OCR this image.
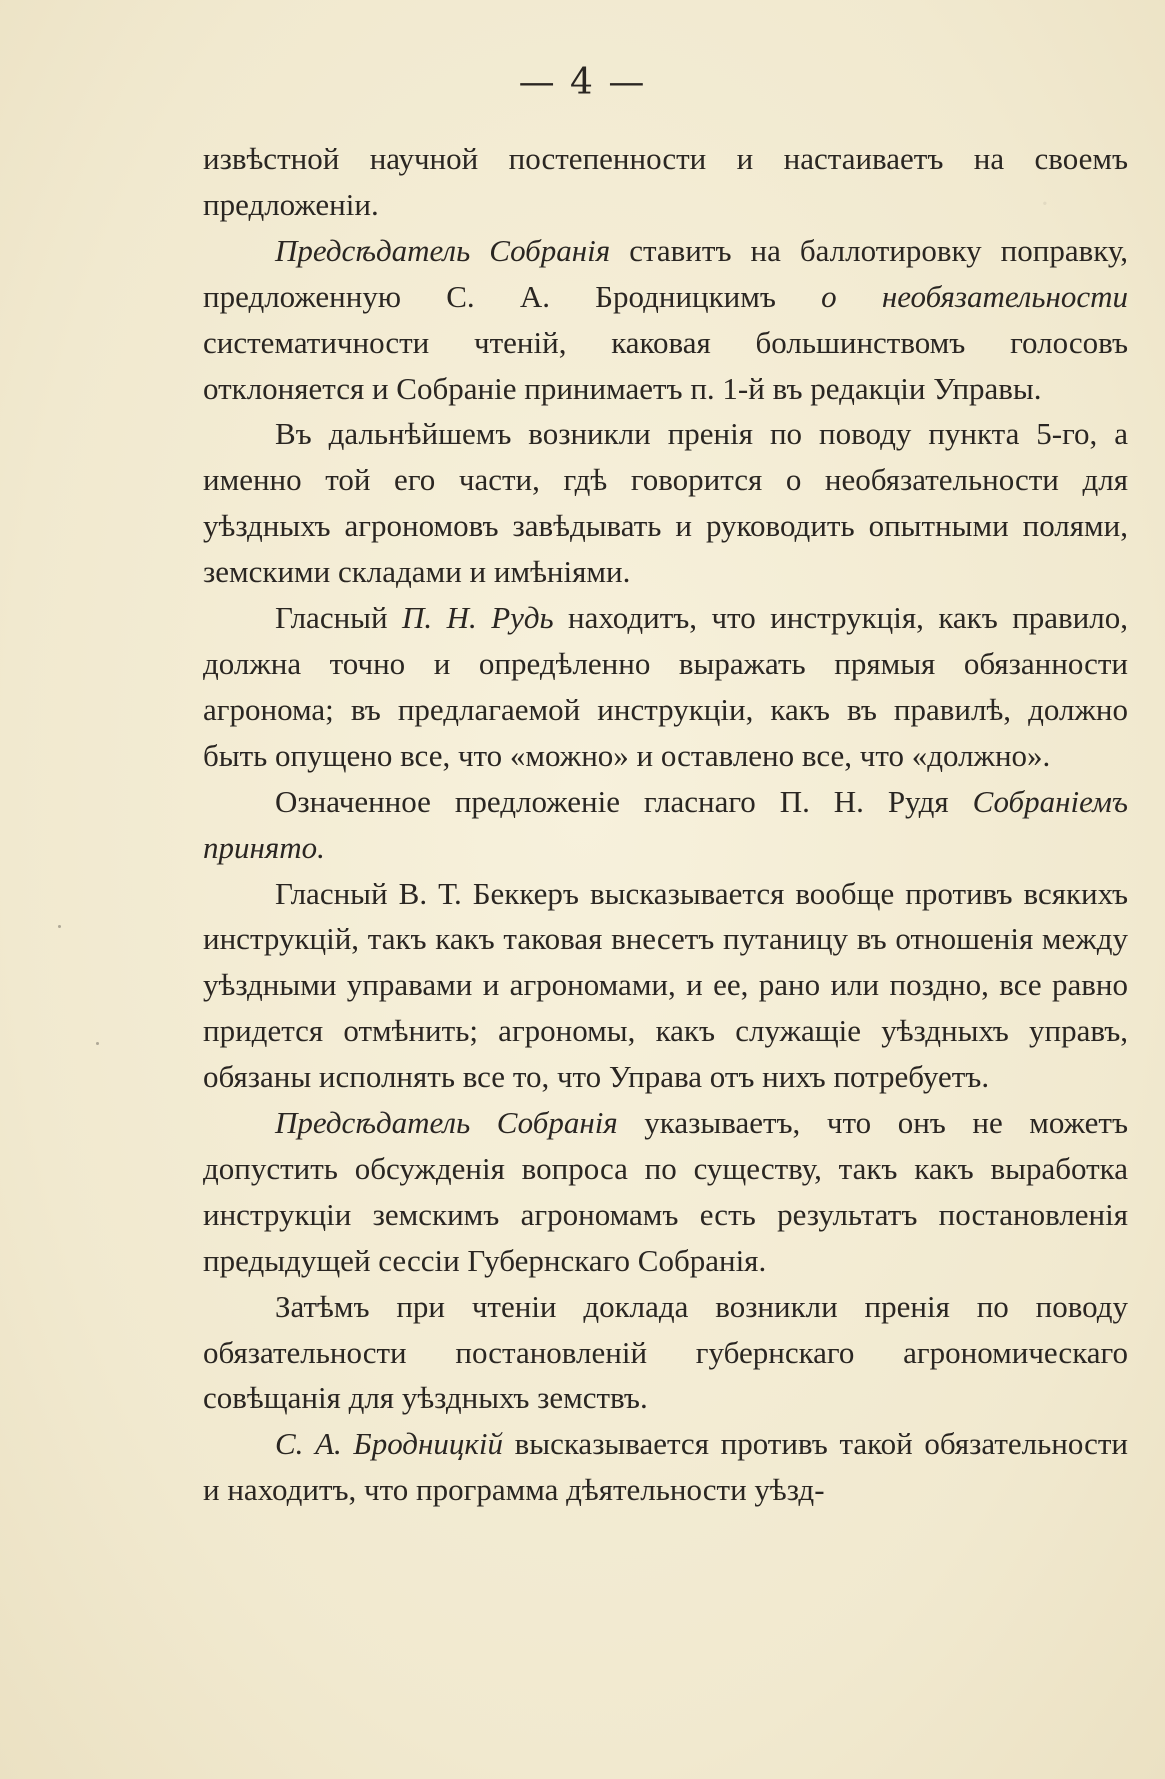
— 4 —
·

извѣстной научной постепенности и настаиваетъ на своемъ предложеніи.

Предсѣдатель Собранія ставитъ на баллотировку поправку, предложенную С. А. Бродницкимъ о необязательности систематичности чтеній, каковая большинствомъ голосовъ отклоняется и Собраніе принимаетъ п. 1-й въ редакціи Управы.

Въ дальнѣйшемъ возникли пренія по поводу пункта 5-го, а именно той его части, гдѣ говорится о необязательности для уѣздныхъ агрономовъ завѣдывать и руководить опытными полями, земскими складами и имѣніями.

Гласный П. Н. Рудь находитъ, что инструкція, какъ правило, должна точно и опредѣленно выражать прямыя обязанности агронома; въ предлагаемой инструкціи, какъ въ правилѣ, должно быть опущено все, что «можно» и оставлено все, что «должно».

Означенное предложеніе гласнаго П. Н. Рудя Собраніемъ принято.

Гласный В. Т. Беккеръ высказывается вообще противъ всякихъ инструкцій, такъ какъ таковая внесетъ путаницу въ отношенія между уѣздными управами и агрономами, и ее, рано или поздно, все равно придется отмѣнить; агрономы, какъ служащіе уѣздныхъ управъ, обязаны исполнять все то, что Управа отъ нихъ потребуетъ.

Предсѣдатель Собранія указываетъ, что онъ не можетъ допустить обсужденія вопроса по существу, такъ какъ выработка инструкціи земскимъ агрономамъ есть результатъ постановленія предыдущей сессіи Губернскаго Собранія.

Затѣмъ при чтеніи доклада возникли пренія по поводу обязательности постановленій губернскаго агрономическаго совѣщанія для уѣздныхъ земствъ.

С. А. Бродницкій высказывается противъ такой обязательности и находитъ, что программа дѣятельности уѣзд-
